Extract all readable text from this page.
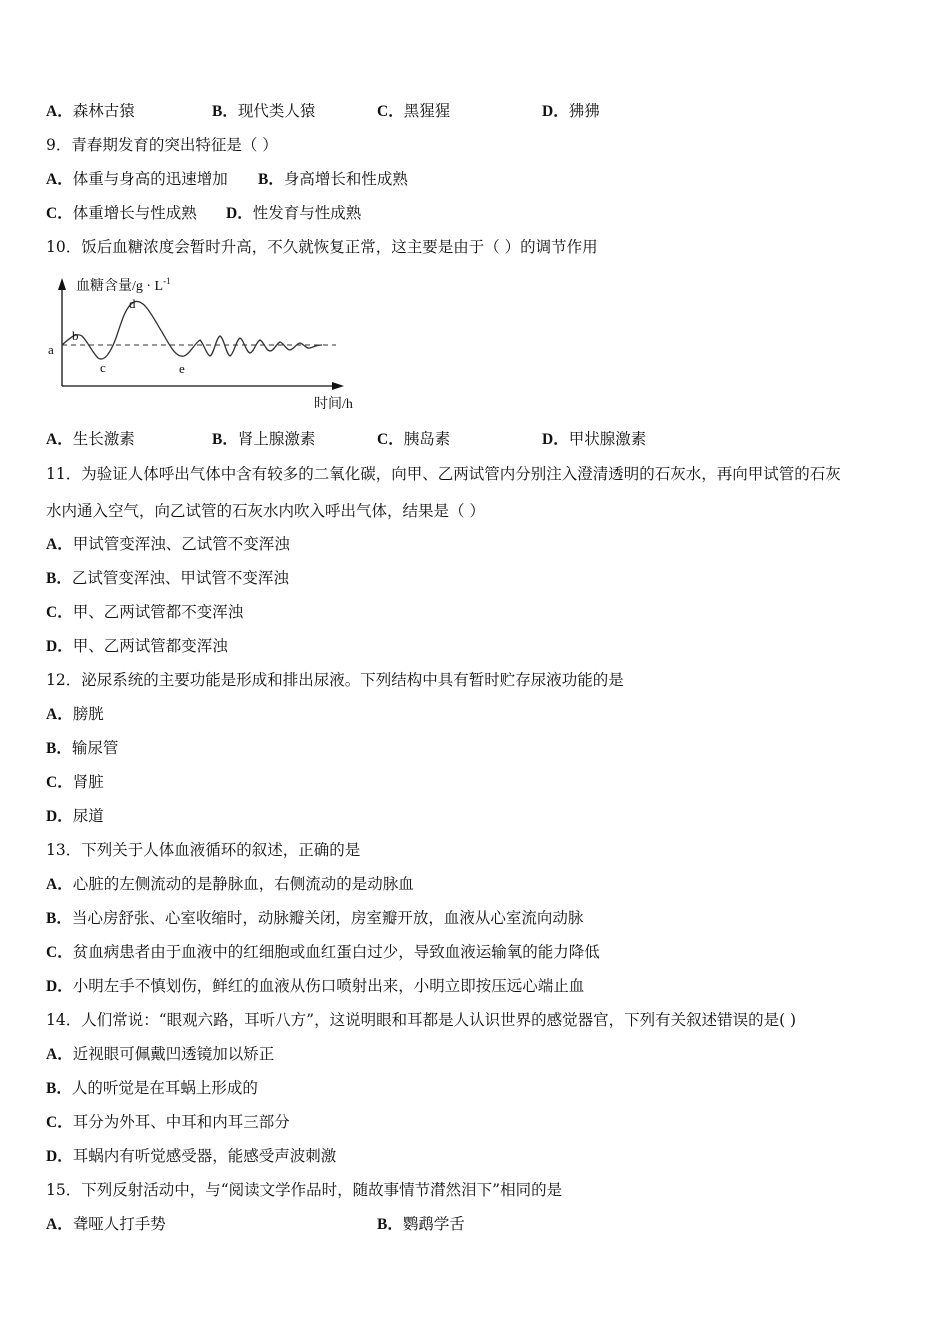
A．森林古猿	B．现代类人猿	C．黑猩猩	D．狒狒
9．青春期发育的突出特征是（ ）
A．体重与身高的迅速增加 B．身高增长和性成熟
C．体重增长与性成熟 D．性发育与性成熟
10．饭后血糖浓度会暂时升高，不久就恢复正常，这主要是由于（ ）的调节作用
血糖含量$/g \cdot L^{-1}$
时间/h
a
b
c
d
e
A．生长激素	B．肾上腺激素	C．胰岛素	D．甲状腺激素
11．为验证人体呼出气体中含有较多的二氧化碳，向甲、乙两试管内分别注入澄清透明的石灰水，再向甲试管的石灰
水内通入空气，向乙试管的石灰水内吹入呼出气体，结果是（ ）
A．甲试管变浑浊、乙试管不变浑浊
B．乙试管变浑浊、甲试管不变浑浊
C．甲、乙两试管都不变浑浊
D．甲、乙两试管都变浑浊
12．泌尿系统的主要功能是形成和排出尿液。下列结构中具有暂时贮存尿液功能的是
A．膀胱
B．输尿管
C．肾脏
D．尿道
13．下列关于人体血液循环的叙述，正确的是
A．心脏的左侧流动的是静脉血，右侧流动的是动脉血
B．当心房舒张、心室收缩时，动脉瓣关闭，房室瓣开放，血液从心室流向动脉
C．贫血病患者由于血液中的红细胞或血红蛋白过少，导致血液运输氧的能力降低
D．小明左手不慎划伤，鲜红的血液从伤口喷射出来，小明立即按压远心端止血
14．人们常说：“眼观六路，耳听八方”，这说明眼和耳都是人认识世界的感觉器官，下列有关叙述错误的是( )
A．近视眼可佩戴凹透镜加以矫正
B．人的听觉是在耳蜗上形成的
C．耳分为外耳、中耳和内耳三部分
D．耳蜗内有听觉感受器，能感受声波刺激
15．下列反射活动中，与“阅读文学作品时，随故事情节潸然泪下”相同的是
A．聋哑人打手势	B．鹦鹉学舌
